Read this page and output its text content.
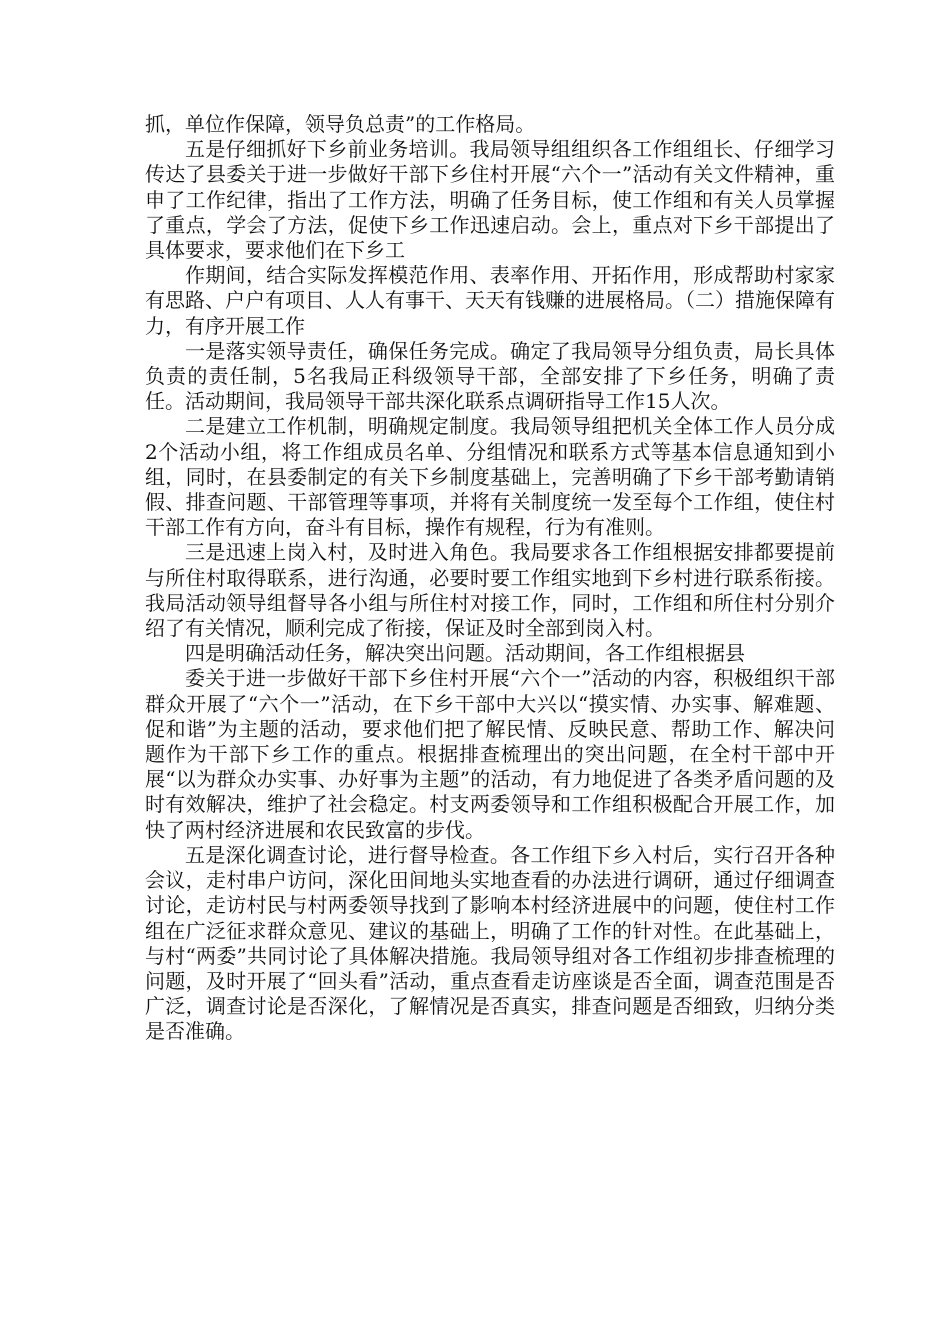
抓，单位作保障，领导负总责”的工作格局。

五是仔细抓好下乡前业务培训。我局领导组组织各工作组组长、仔细学习传达了县委关于进一步做好干部下乡住村开展“六个一”活动有关文件精神，重申了工作纪律，指出了工作方法，明确了任务目标，使工作组和有关人员掌握了重点，学会了方法，促使下乡工作迅速启动。会上，重点对下乡干部提出了具体要求，要求他们在下乡工

作期间，结合实际发挥模范作用、表率作用、开拓作用，形成帮助村家家有思路、户户有项目、人人有事干、天天有钱赚的进展格局。（二）措施保障有力，有序开展工作

一是落实领导责任，确保任务完成。确定了我局领导分组负责，局长具体负责的责任制，5名我局正科级领导干部，全部安排了下乡任务，明确了责任。活动期间，我局领导干部共深化联系点调研指导工作15人次。

二是建立工作机制，明确规定制度。我局领导组把机关全体工作人员分成2个活动小组，将工作组成员名单、分组情况和联系方式等基本信息通知到小组，同时，在县委制定的有关下乡制度基础上，完善明确了下乡干部考勤请销假、排查问题、干部管理等事项，并将有关制度统一发至每个工作组，使住村干部工作有方向，奋斗有目标，操作有规程，行为有准则。

三是迅速上岗入村，及时进入角色。我局要求各工作组根据安排都要提前与所住村取得联系，进行沟通，必要时要工作组实地到下乡村进行联系衔接。我局活动领导组督导各小组与所住村对接工作，同时，工作组和所住村分别介绍了有关情况，顺利完成了衔接，保证及时全部到岗入村。

四是明确活动任务，解决突出问题。活动期间，各工作组根据县

委关于进一步做好干部下乡住村开展“六个一”活动的内容，积极组织干部群众开展了“六个一”活动，在下乡干部中大兴以“摸实情、办实事、解难题、促和谐”为主题的活动，要求他们把了解民情、反映民意、帮助工作、解决问题作为干部下乡工作的重点。根据排查梳理出的突出问题，在全村干部中开展“以为群众办实事、办好事为主题”的活动，有力地促进了各类矛盾问题的及时有效解决，维护了社会稳定。村支两委领导和工作组积极配合开展工作，加快了两村经济进展和农民致富的步伐。

五是深化调查讨论，进行督导检查。各工作组下乡入村后，实行召开各种会议，走村串户访问，深化田间地头实地查看的办法进行调研，通过仔细调查讨论，走访村民与村两委领导找到了影响本村经济进展中的问题，使住村工作组在广泛征求群众意见、建议的基础上，明确了工作的针对性。在此基础上，与村“两委”共同讨论了具体解决措施。我局领导组对各工作组初步排查梳理的问题，及时开展了“回头看”活动，重点查看走访座谈是否全面，调查范围是否广泛，调查讨论是否深化，了解情况是否真实，排查问题是否细致，归纳分类是否准确。
